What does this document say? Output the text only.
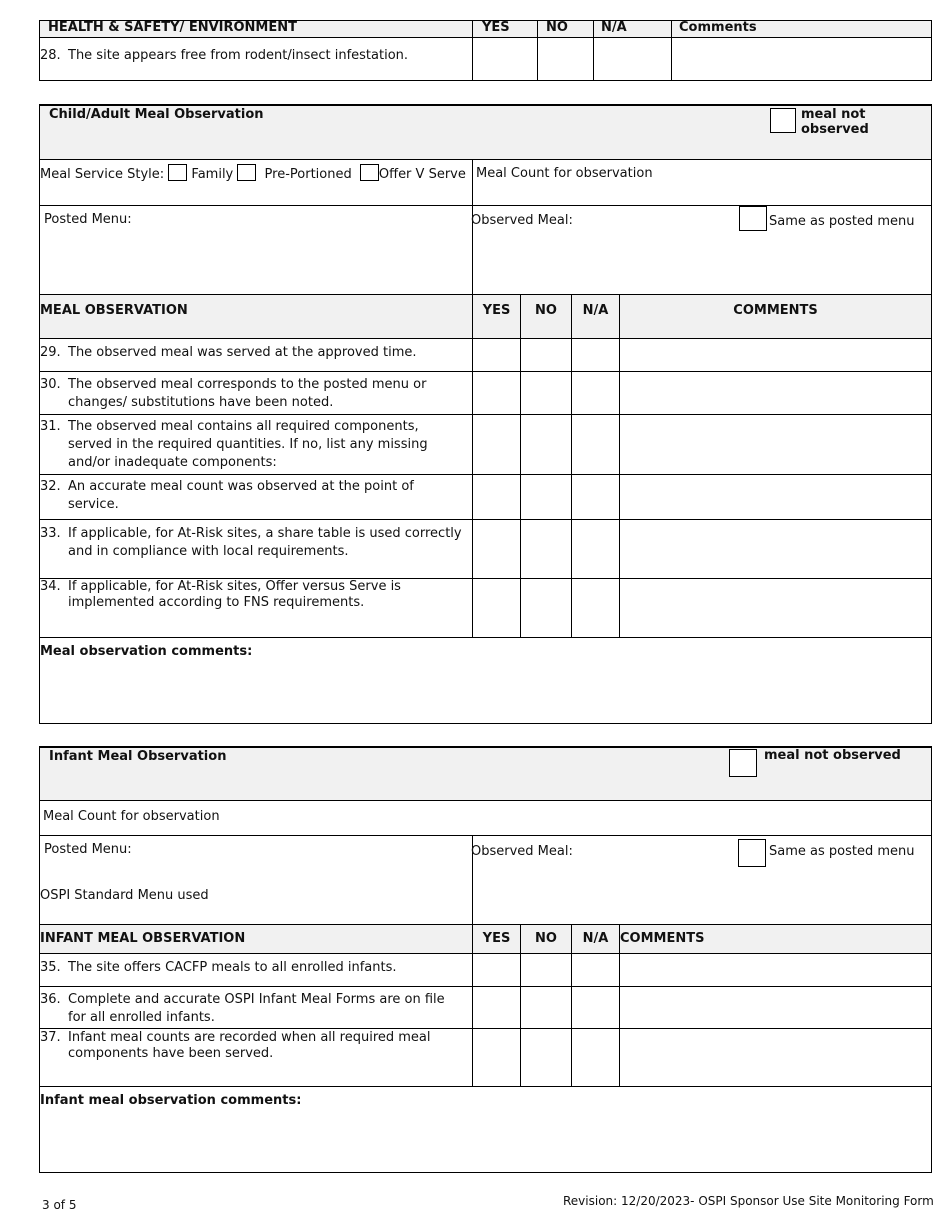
HEALTH & SAFETY/ ENVIRONMENT	YES	NO	N/A	Comments

28. The site appears free from rodent/insect infestation.				

Child/Adult Meal Observation meal not observed				

Meal Service Style: Family Pre-Portioned Offer V Serve	Meal Count for observation			
Posted Menu:	Observed Meal: Same as posted menu			

MEAL OBSERVATION	YES	NO	N/A	COMMENTS

29. The observed meal was served at the approved time.				

30. The observed meal corresponds to the posted menu or changes/ substitutions have been noted.				

31. The observed meal contains all required components, served in the required quantities. If no, list any missing and/or inadequate components:				

32. An accurate meal count was observed at the point of service.				

33. If applicable, for At-Risk sites, a share table is used correctly and in compliance with local requirements.				

34. If applicable, for At-Risk sites, Offer versus Serve is implemented according to FNS requirements.				

Meal observation comments:				
Infant Meal Observation meal not observed				

Meal Count for observation				

Posted Menu:
OSPI Standard Menu used	Observed Meal: Same as posted menu			

INFANT MEAL OBSERVATION	YES	NO	N/A	COMMENTS

35. The site offers CACFP meals to all enrolled infants.				

36. Complete and accurate OSPI Infant Meal Forms are on file for all enrolled infants.				

37. Infant meal counts are recorded when all required meal components have been served.				

Infant meal observation comments:				
3 of 5	Revision: 12/20/2023- OSPI Sponsor Use Site Monitoring Form
